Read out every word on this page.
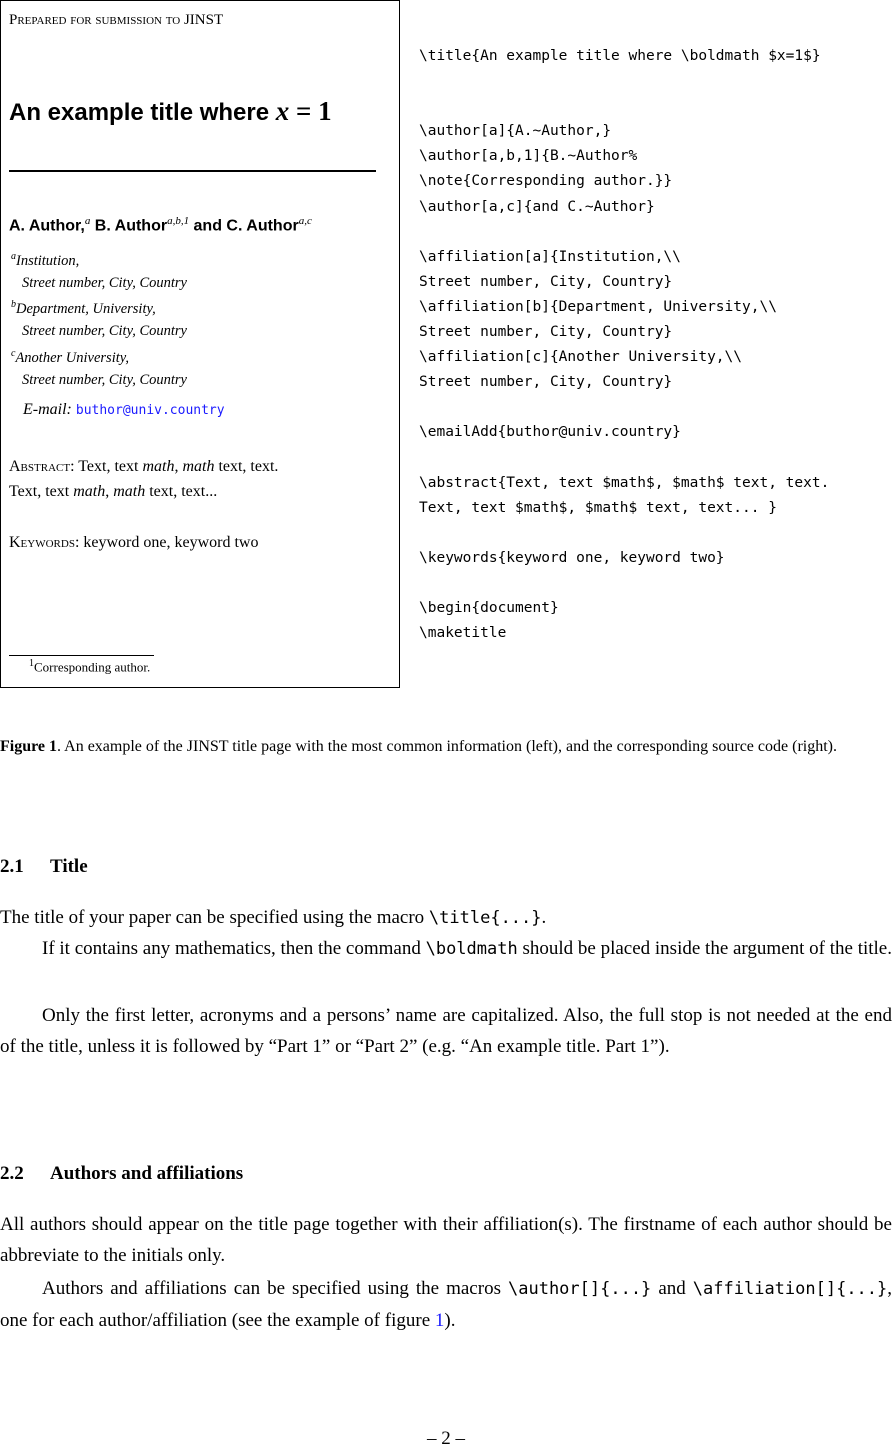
Prepared for submission to JINST
An example title where x = 1
A. Author,$^a$ B. Author$^{a,b,1}$ and C. Author$^{a,c}$
$^a$Institution,
Street number, City, Country
$^b$Department, University,
Street number, City, Country
$^c$Another University,
Street number, City, Country
E-mail: buthor@univ.country
Abstract: Text, text math, math text, text.
Text, text math, math text, text...
Keywords: keyword one, keyword two
$^1$Corresponding author.
\title{An example title where \boldmath $x=1$}

\author[a]{A.~Author,}
\author[a,b,1]{B.~Author%
\note{Corresponding author.}}
\author[a,c]{and C.~Author}

\affiliation[a]{Institution,\\
Street number, City, Country}
\affiliation[b]{Department, University,\\
Street number, City, Country}
\affiliation[c]{Another University,\\
Street number, City, Country}

\emailAdd{buthor@univ.country}

\abstract{Text, text $math$, $math$ text, text.
Text, text $math$, $math$ text, text... }

\keywords{keyword one, keyword two}

\begin{document}
\maketitle

Figure 1. An example of the JINST title page with the most common information (left), and the corresponding source code (right).
2.1 Title

The title of your paper can be specified using the macro \title{...}.

If it contains any mathematics, then the command \boldmath should be placed inside the argument of the title.

Only the first letter, acronyms and a persons’ name are capitalized. Also, the full stop is not needed at the end of the title, unless it is followed by “Part 1” or “Part 2” (e.g. “An example title. Part 1”).

2.2 Authors and affiliations

All authors should appear on the title page together with their affiliation(s). The firstname of each author should be abbreviate to the initials only.

Authors and affiliations can be specified using the macros \author[]{...} and \affiliation[]{...}, one for each author/affiliation (see the example of figure 1).

– 2 –
